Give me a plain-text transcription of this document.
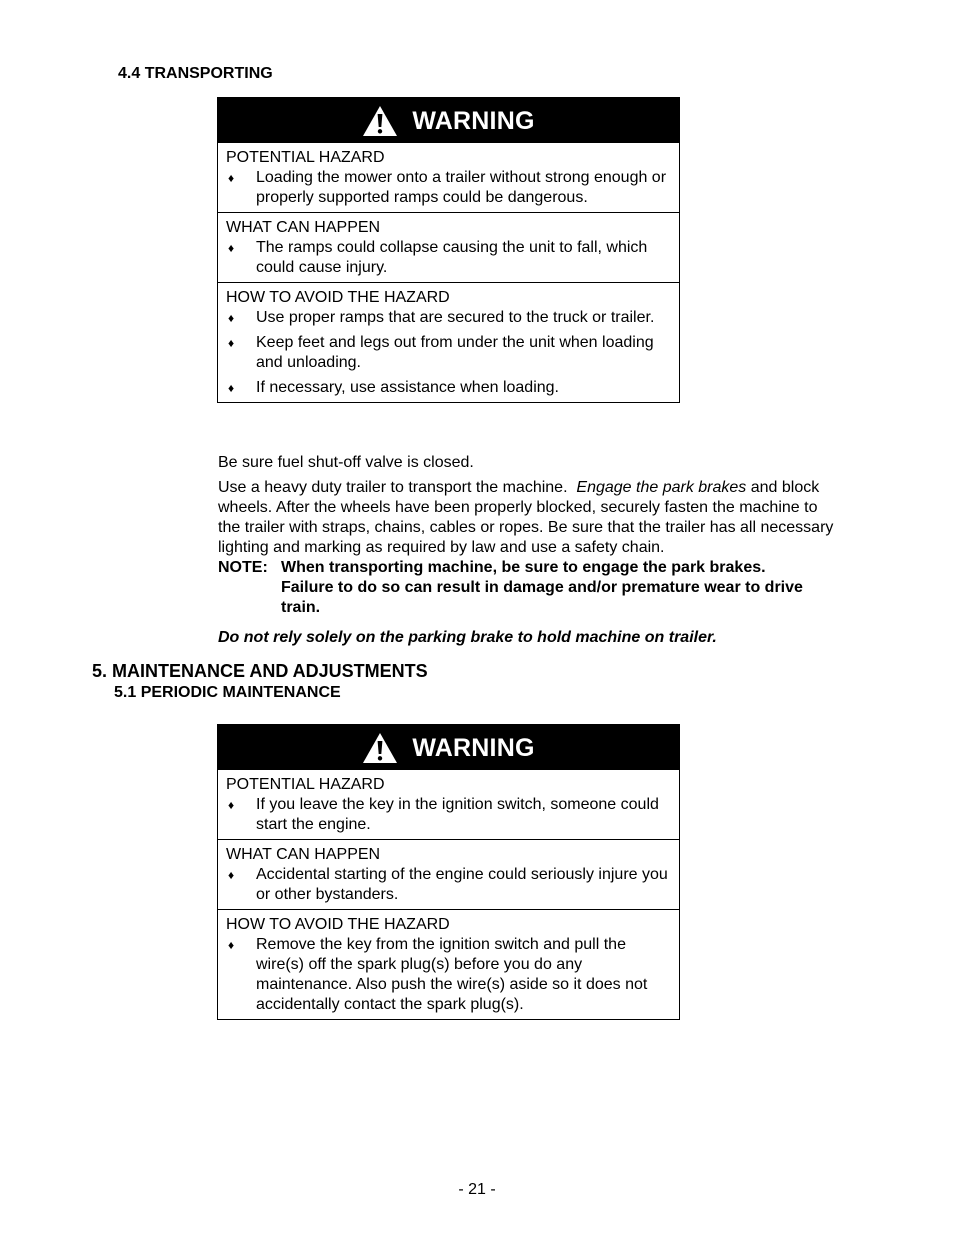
4.4 TRANSPORTING
WARNING
POTENTIAL HAZARD
♦	Loading the mower onto a trailer without strong enough or properly supported ramps could be dangerous.
WHAT CAN HAPPEN
♦	The ramps could collapse causing the unit to fall, which could cause injury.
HOW TO AVOID THE HAZARD
♦	Use proper ramps that are secured to the truck or trailer.
♦	Keep feet and legs out from under the unit when loading and unloading.
♦	If necessary, use assistance when loading.
Be sure fuel shut-off valve is closed.
Use a heavy duty trailer to transport the machine.  Engage the park brakes and block wheels. After the wheels have been properly blocked, securely fasten the machine to the trailer with straps, chains, cables or ropes. Be sure that the trailer has all necessary lighting and marking as required by law and use a safety chain.
NOTE: When transporting machine, be sure to engage the park brakes. Failure to do so can result in damage and/or premature wear to drive train.
Do not rely solely on the parking brake to hold machine on trailer.
5. MAINTENANCE AND ADJUSTMENTS
5.1 PERIODIC MAINTENANCE
WARNING
POTENTIAL HAZARD
♦	If you leave the key in the ignition switch, someone could start the engine.
WHAT CAN HAPPEN
♦	Accidental starting of the engine could seriously injure you or other bystanders.
HOW TO AVOID THE HAZARD
♦	Remove the key from the ignition switch and pull the wire(s) off the spark plug(s) before you do any maintenance. Also push the wire(s) aside so it does not accidentally contact the spark plug(s).
- 21 -
